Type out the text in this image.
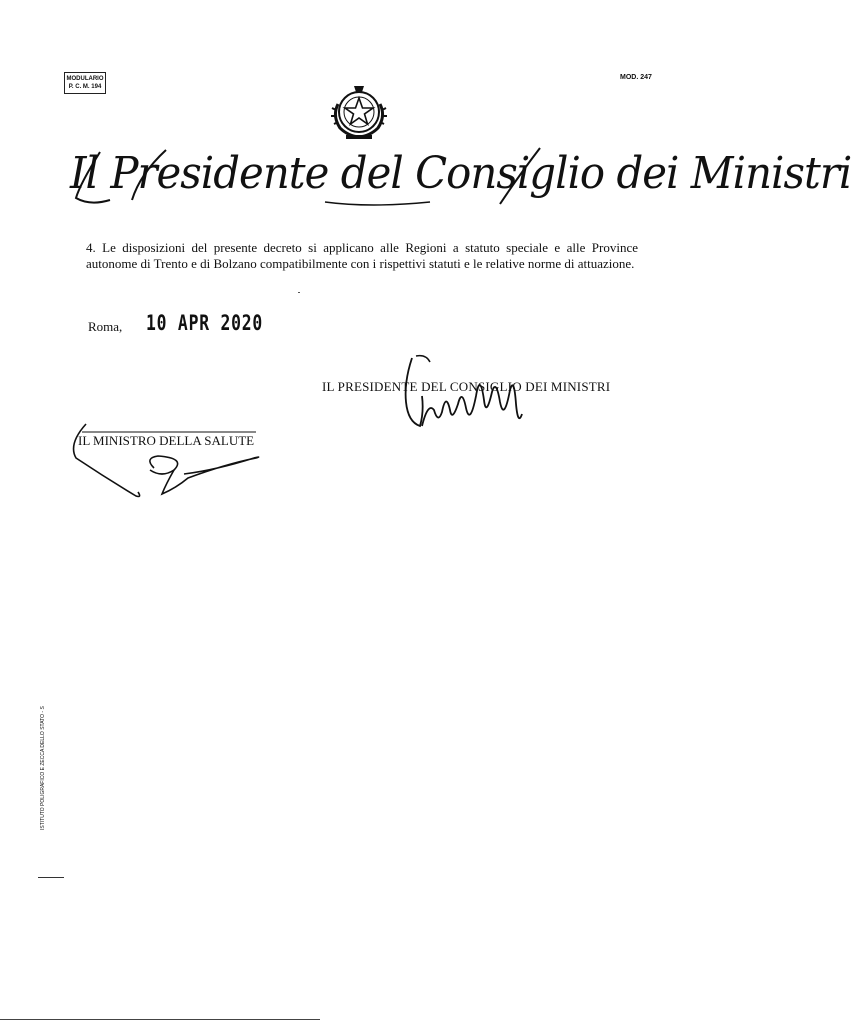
MODULARIO
P. C. M. 194
MOD. 247
Il Presidente del Consiglio dei Ministri
4. Le disposizioni del presente decreto si applicano alle Regioni a statuto speciale e alle Province autonome di Trento e di Bolzano compatibilmente con i rispettivi statuti e le relative norme di attuazione.
Roma, 10 APR 2020
IL PRESIDENTE DEL CONSIGLIO DEI MINISTRI
IL MINISTRO DELLA SALUTE
ISTITUTO POLIGRAFICO E ZECCA DELLO STATO - S
